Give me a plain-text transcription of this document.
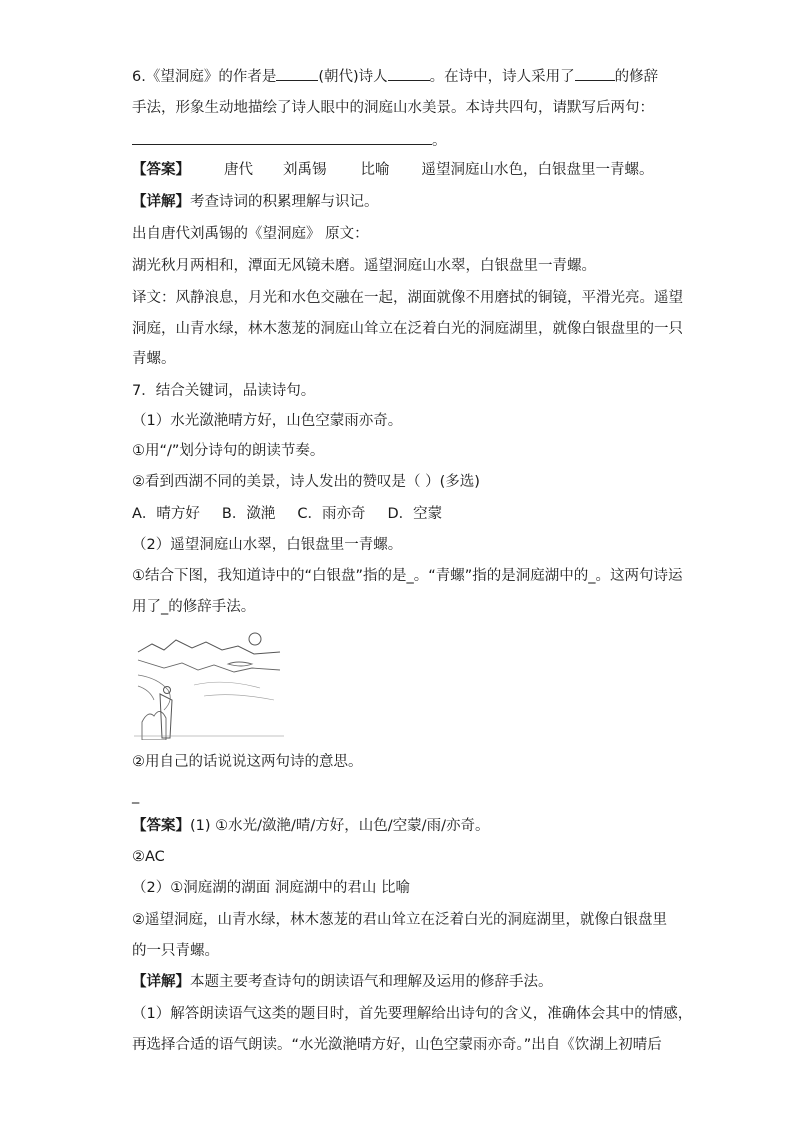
6.《望洞庭》的作者是	(朝代)诗人	。在诗中，诗人采用了	的修辞
手法，形象生动地描绘了诗人眼中的洞庭山水美景。本诗共四句，请默写后两句：
。
【答案】 唐代 刘禹锡 比喻 遥望洞庭山水色，白银盘里一青螺。
【详解】考查诗词的积累理解与识记。
出自唐代刘禹锡的《望洞庭》 原文：
湖光秋月两相和，潭面无风镜未磨。遥望洞庭山水翠，白银盘里一青螺。
译文：风静浪息，月光和水色交融在一起，湖面就像不用磨拭的铜镜，平滑光亮。遥望
洞庭，山青水绿，林木葱茏的洞庭山耸立在泛着白光的洞庭湖里，就像白银盘里的一只
青螺。
7．结合关键词，品读诗句。
（1）水光潋滟晴方好，山色空蒙雨亦奇。
①用“/”划分诗句的朗读节奏。
②看到西湖不同的美景，诗人发出的赞叹是（ ）(多选)
A．晴方好 B．潋滟 C．雨亦奇 D．空蒙
（2）遥望洞庭山水翠，白银盘里一青螺。
①结合下图，我知道诗中的“白银盘”指的是_。“青螺”指的是洞庭湖中的_。这两句诗运
用了_的修辞手法。
②用自己的话说说这两句诗的意思。
_
【答案】(1) ①水光/潋滟/晴/方好，山色/空蒙/雨/亦奇。
②AC
（2）①洞庭湖的湖面 洞庭湖中的君山 比喻
②遥望洞庭，山青水绿，林木葱茏的君山耸立在泛着白光的洞庭湖里，就像白银盘里
的一只青螺。
【详解】本题主要考查诗句的朗读语气和理解及运用的修辞手法。
（1）解答朗读语气这类的题目时，首先要理解给出诗句的含义，准确体会其中的情感，
再选择合适的语气朗读。“水光潋滟晴方好，山色空蒙雨亦奇。”出自《饮湖上初晴后
